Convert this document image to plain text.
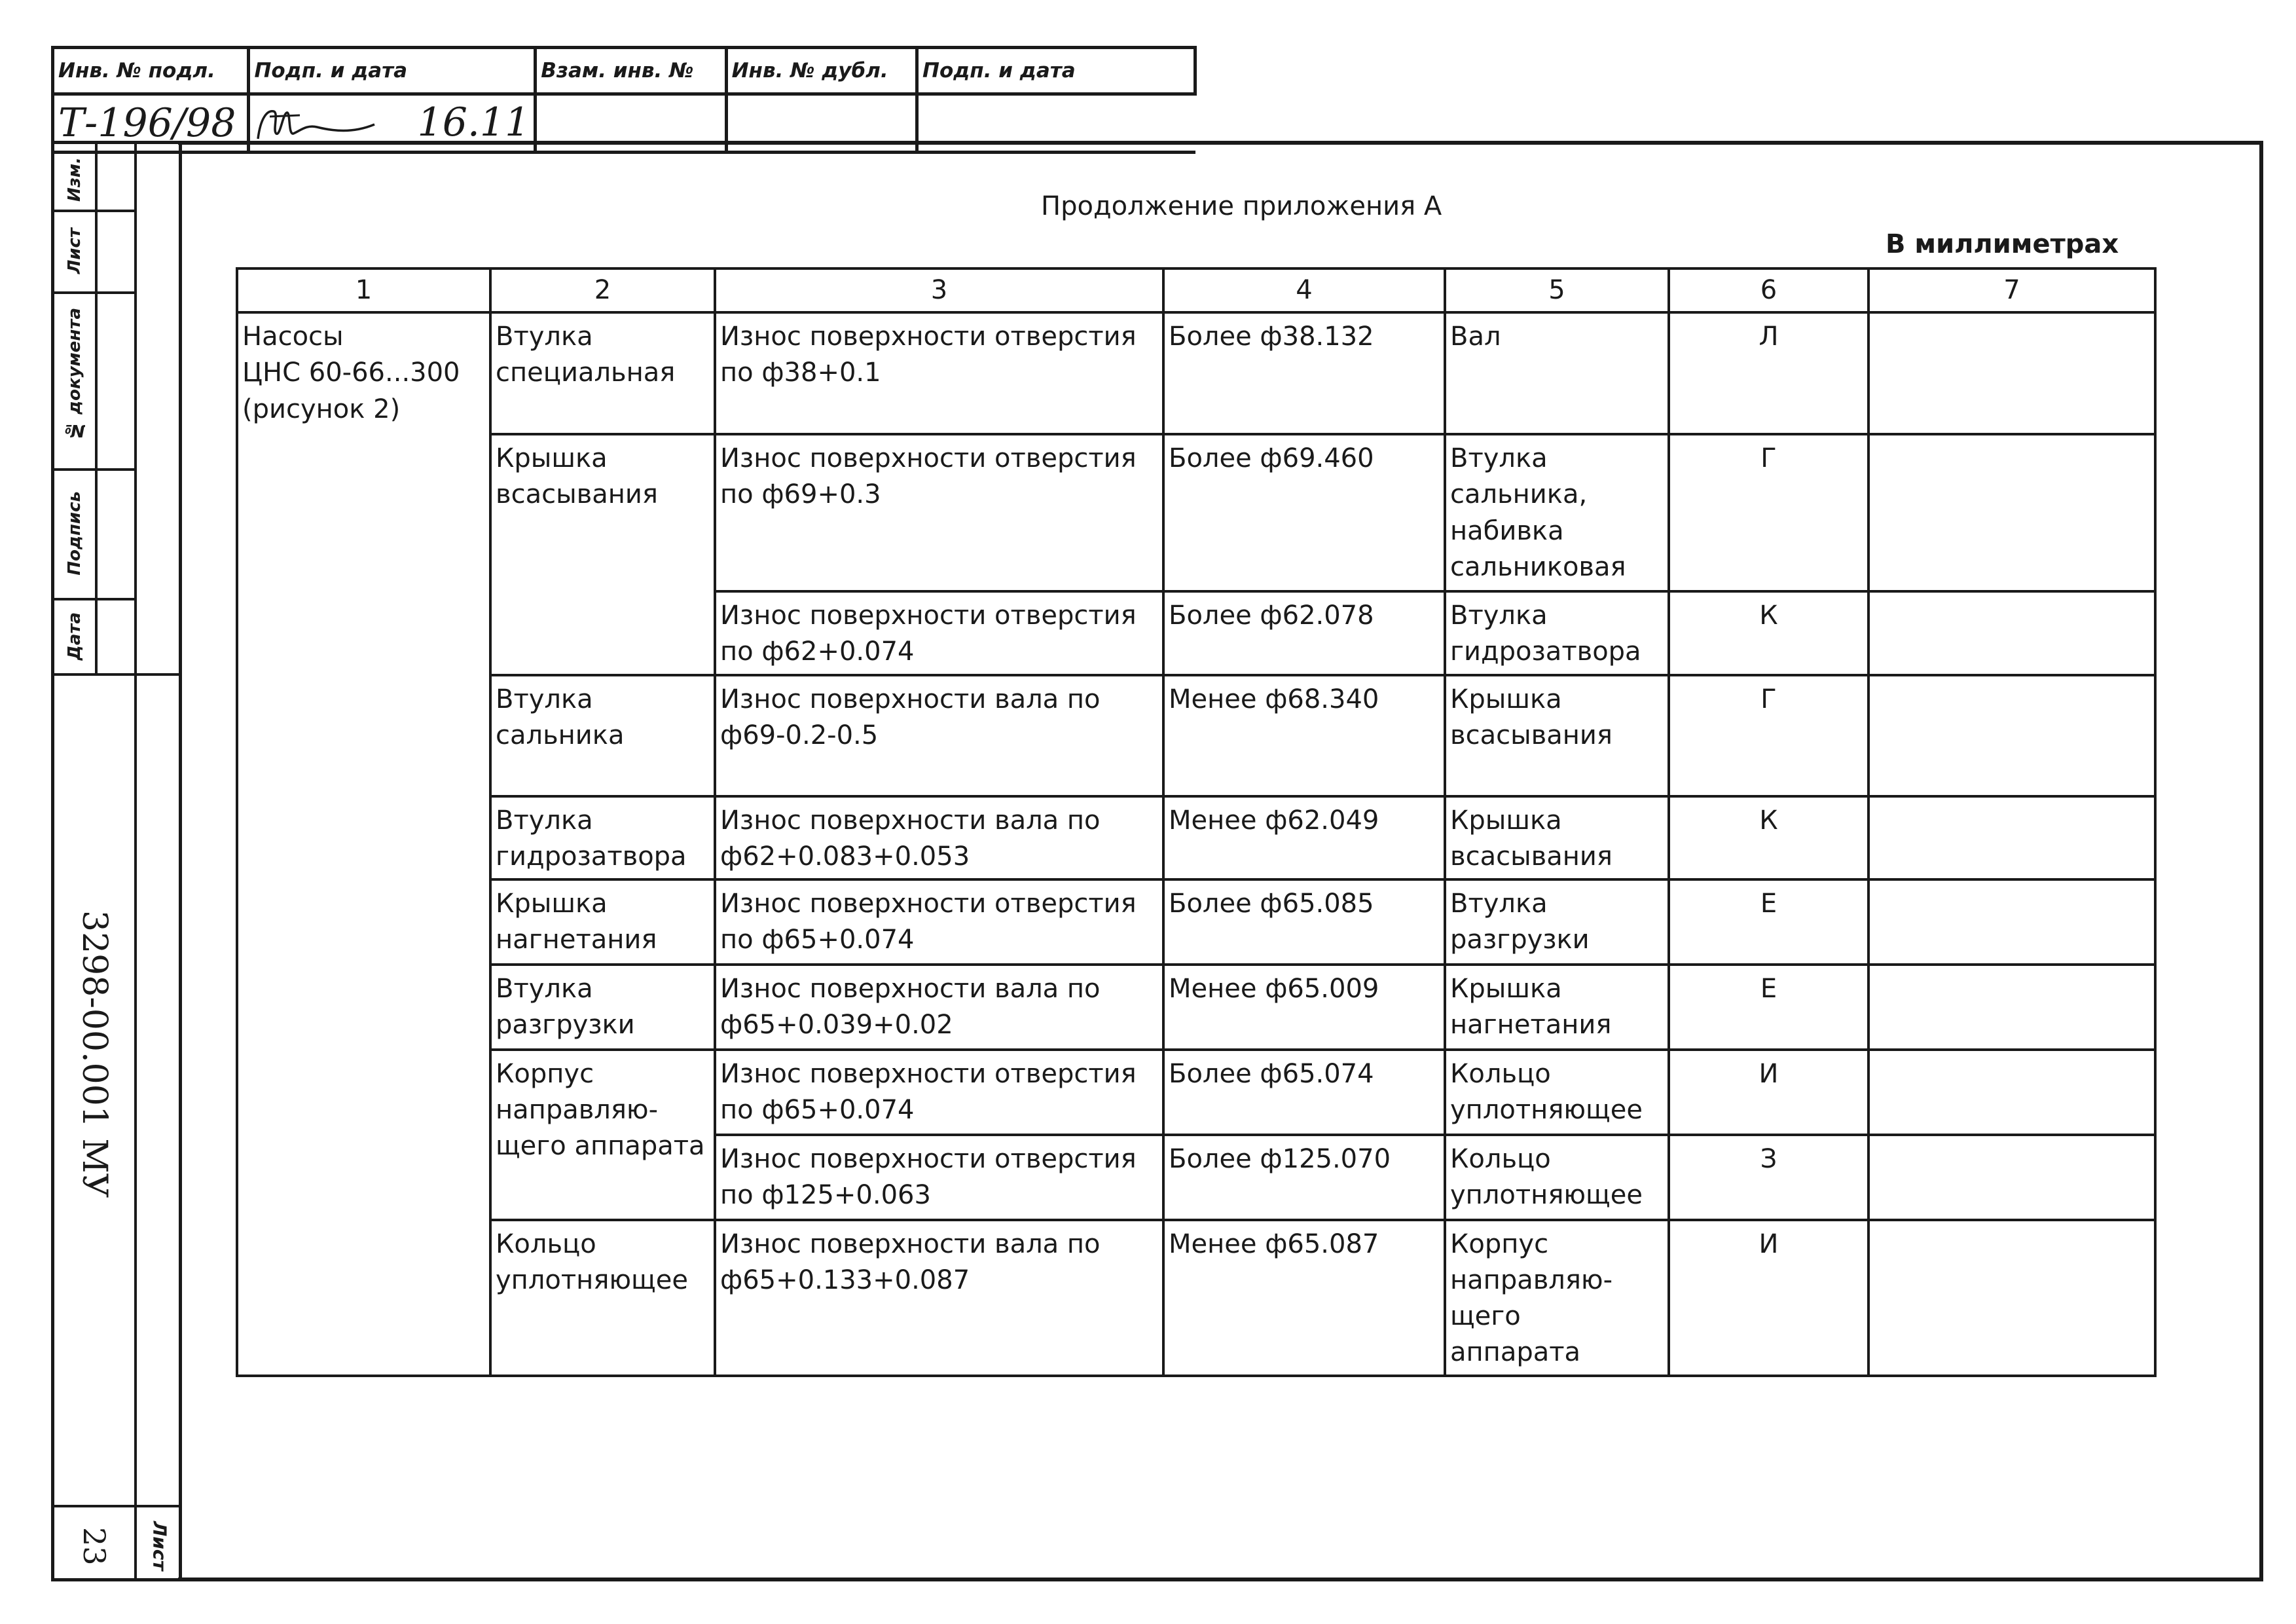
Инв. № подл.	Подп. и дата	Взам. инв. №	Инв. № дубл.	Подп. и дата
Т-196/98	16.11			
Изм.
Лист
№ документа
Подпись
Дата
3298-00.001 МУ
23 Лист
Продолжение приложения А
В миллиметрах
1	2	3	4	5	6	7
Насосы
ЦНС 60-66...300
(рисунок 2)	Втулка
специальная	Износ поверхности отверстия
по ф38+0.1	Более ф38.132	Вал	Л	
	Крышка
всасывания	Износ поверхности отверстия
по ф69+0.3	Более ф69.460	Втулка
сальника,
набивка
сальниковая	Г	
		Износ поверхности отверстия
по ф62+0.074	Более ф62.078	Втулка
гидрозатвора	К	
	Втулка
сальника	Износ поверхности вала по
ф69-0.2-0.5	Менее ф68.340	Крышка
всасывания	Г	
	Втулка
гидрозатвора	Износ поверхности вала по
ф62+0.083+0.053	Менее ф62.049	Крышка
всасывания	К	
	Крышка
нагнетания	Износ поверхности отверстия
по ф65+0.074	Более ф65.085	Втулка
разгрузки	Е	
	Втулка
разгрузки	Износ поверхности вала по
ф65+0.039+0.02	Менее ф65.009	Крышка
нагнетания	Е	
	Корпус
направляю-
щего аппарата	Износ поверхности отверстия
по ф65+0.074	Более ф65.074	Кольцо
уплотняющее	И	
		Износ поверхности отверстия
по ф125+0.063	Более ф125.070	Кольцо
уплотняющее	З	
	Кольцо
уплотняющее	Износ поверхности вала по
ф65+0.133+0.087	Менее ф65.087	Корпус
направляю-
щего
аппарата	И	
